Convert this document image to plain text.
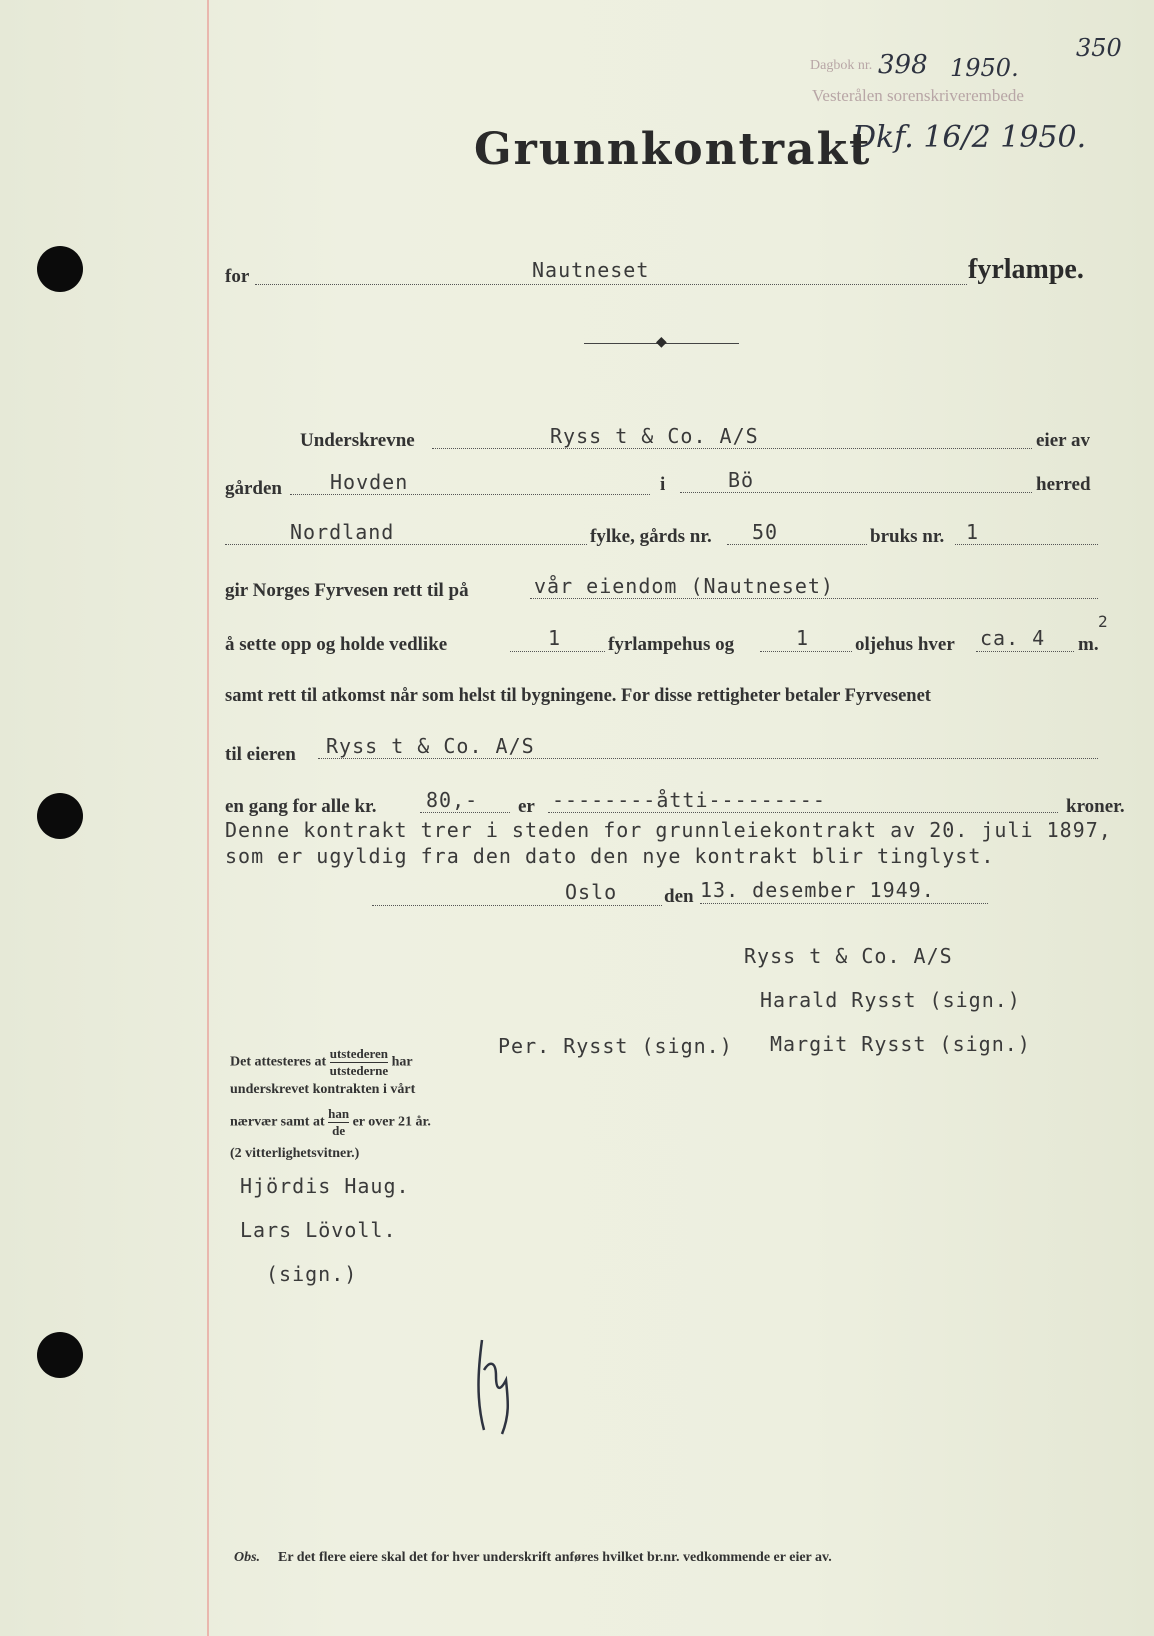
Dagbok nr. 398 1950.
Vesterålen sorenskriverembede
350
Dkf. 16/2 1950.
Grunnkontrakt
for	Nautneset	fyrlampe.
◆
Underskrevne	Ryss t & Co. A/S	eier av
gården Hovden	i	Bö	herred
Nordland	fylke, gårds nr. 50	bruks nr. 1
gir Norges Fyrvesen rett til på	vår eiendom (Nautneset)
å sette opp og holde vedlike	1 fyrlampehus og	1 oljehus hver ca. 4 m.
2
samt rett til atkomst når som helst til bygningene. For disse rettigheter betaler Fyrvesenet
til eieren Ryss t & Co. A/S
en gang for alle kr. 80,- er --------åtti---------	kroner.
Denne kontrakt trer i steden for grunnleiekontrakt av 20. juli 1897,
som er ugyldig fra den dato den nye kontrakt blir tinglyst.
Oslo den 13. desember 1949.
Ryss t & Co. A/S
Harald Rysst (sign.)
Per. Rysst (sign.) Margit Rysst (sign.)
Det attesteres at $\frac{\text{utstederen}}{\text{utstederne}}$ har
underskrevet kontrakten i vårt
nærvær samt at $\frac{\text{han}}{de}$ er over 21 år.
(2 vitterlighetsvitner.)
Hjördis Haug.
Lars Lövoll.
(sign.)
Obs. Er det flere eiere skal det for hver underskrift anføres hvilket br.nr. vedkommende er eier av.
